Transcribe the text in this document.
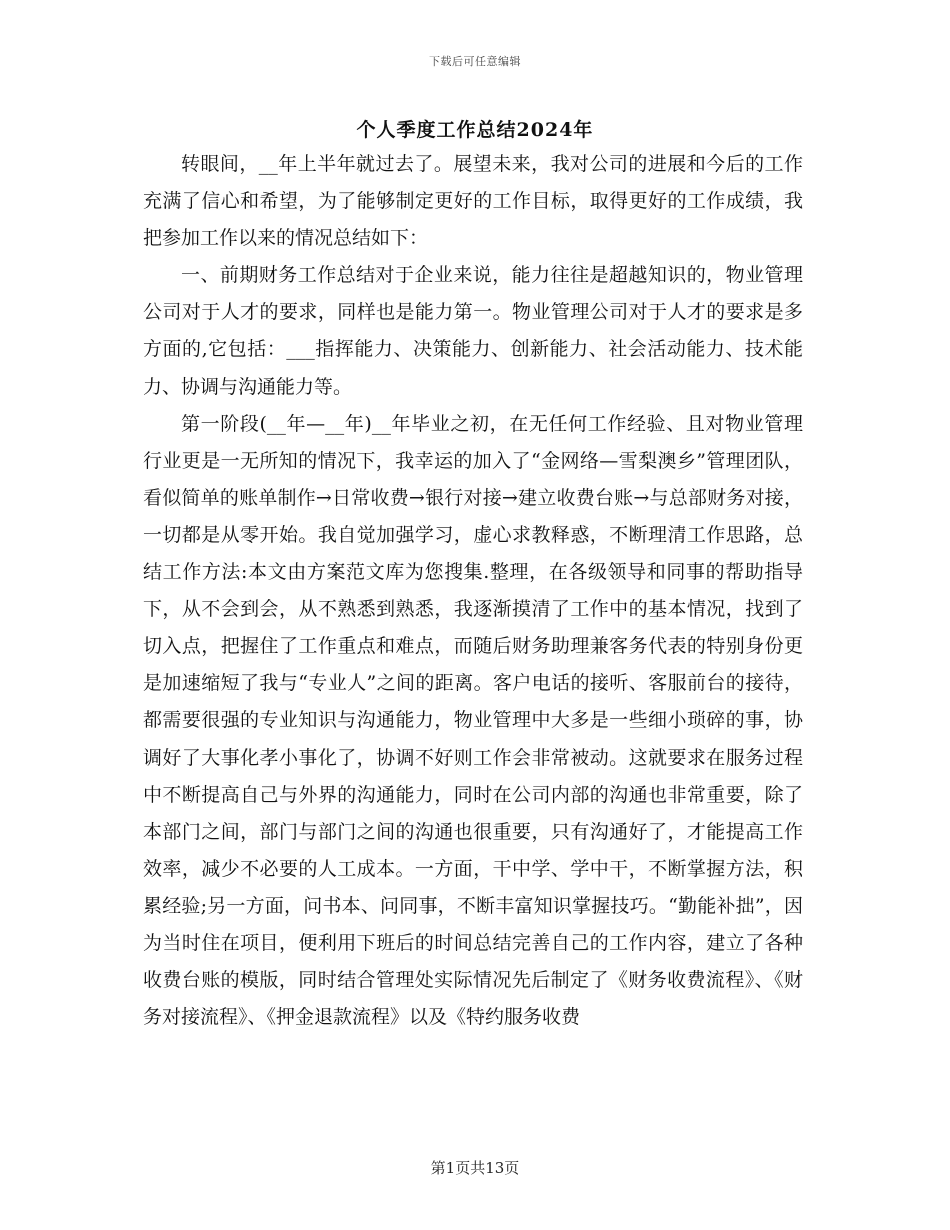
下载后可任意编辑
个人季度工作总结2024年

转眼间，__年上半年就过去了。展望未来，我对公司的进展和今后的工作充满了信心和希望，为了能够制定更好的工作目标，取得更好的工作成绩，我把参加工作以来的情况总结如下：

一、前期财务工作总结对于企业来说，能力往往是超越知识的，物业管理公司对于人才的要求，同样也是能力第一。物业管理公司对于人才的要求是多方面的,它包括：___指挥能力、决策能力、创新能力、社会活动能力、技术能力、协调与沟通能力等。

第一阶段(__年—__年)__年毕业之初，在无任何工作经验、且对物业管理行业更是一无所知的情况下，我幸运的加入了“金网络—雪梨澳乡”管理团队，看似简单的账单制作→日常收费→银行对接→建立收费台账→与总部财务对接，一切都是从零开始。我自觉加强学习，虚心求教释惑，不断理清工作思路，总结工作方法:本文由方案范文库为您搜集.整理，在各级领导和同事的帮助指导下，从不会到会，从不熟悉到熟悉，我逐渐摸清了工作中的基本情况，找到了切入点，把握住了工作重点和难点，而随后财务助理兼客务代表的特别身份更是加速缩短了我与“专业人”之间的距离。客户电话的接听、客服前台的接待，都需要很强的专业知识与沟通能力，物业管理中大多是一些细小琐碎的事，协调好了大事化孝小事化了，协调不好则工作会非常被动。这就要求在服务过程中不断提高自己与外界的沟通能力，同时在公司内部的沟通也非常重要，除了本部门之间，部门与部门之间的沟通也很重要，只有沟通好了，才能提高工作效率，减少不必要的人工成本。一方面，干中学、学中干，不断掌握方法，积累经验;另一方面，问书本、问同事，不断丰富知识掌握技巧。“勤能补拙”，因为当时住在项目，便利用下班后的时间总结完善自己的工作内容，建立了各种收费台账的模版，同时结合管理处实际情况先后制定了《财务收费流程》、《财务对接流程》、《押金退款流程》以及《特约服务收费

第1页共13页
